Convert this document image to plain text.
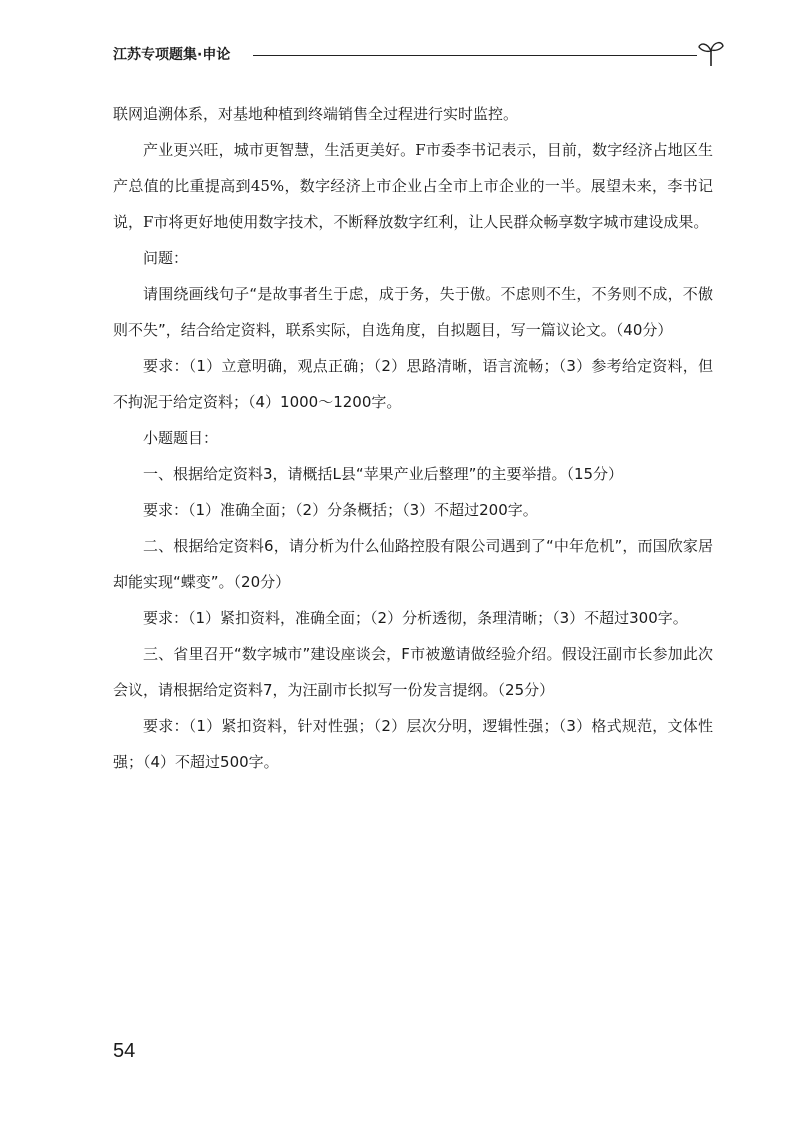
江苏专项题集·申论

联网追溯体系，对基地种植到终端销售全过程进行实时监控。

产业更兴旺，城市更智慧，生活更美好。F市委李书记表示，目前，数字经济占地区生产总值的比重提高到45%，数字经济上市企业占全市上市企业的一半。展望未来，李书记说，F市将更好地使用数字技术，不断释放数字红利，让人民群众畅享数字城市建设成果。

问题：

请围绕画线句子“是故事者生于虑，成于务，失于傲。不虑则不生，不务则不成，不傲则不失”，结合给定资料，联系实际，自选角度，自拟题目，写一篇议论文。（40分）

要求：（1）立意明确，观点正确；（2）思路清晰，语言流畅；（3）参考给定资料，但不拘泥于给定资料；（4）1000～1200字。

小题题目：

一、根据给定资料3，请概括L县“苹果产业后整理”的主要举措。（15分）

要求：（1）准确全面；（2）分条概括；（3）不超过200字。

二、根据给定资料6，请分析为什么仙路控股有限公司遇到了“中年危机”，而国欣家居却能实现“蝶变”。（20分）

要求：（1）紧扣资料，准确全面；（2）分析透彻，条理清晰；（3）不超过300字。

三、省里召开“数字城市”建设座谈会，F市被邀请做经验介绍。假设汪副市长参加此次会议，请根据给定资料7，为汪副市长拟写一份发言提纲。（25分）

要求：（1）紧扣资料，针对性强；（2）层次分明，逻辑性强；（3）格式规范，文体性强；（4）不超过500字。

54
